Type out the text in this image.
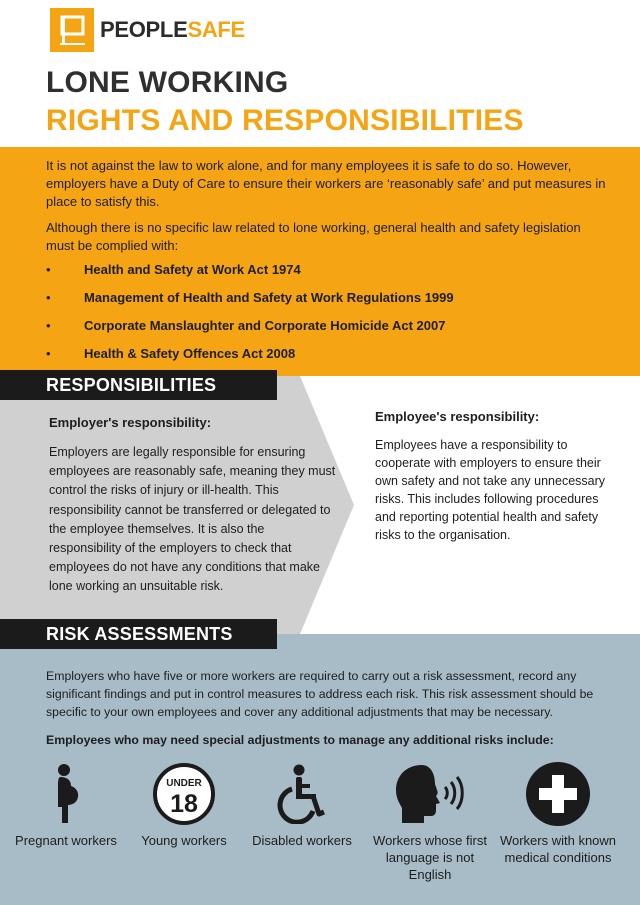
PEOPLESAFE
LONE WORKING
RIGHTS AND RESPONSIBILITIES

It is not against the law to work alone, and for many employees it is safe to do so. However, employers have a Duty of Care to ensure their workers are ‘reasonably safe’ and put measures in place to satisfy this.

Although there is no specific law related to lone working, general health and safety legislation must be complied with:

•	Health and Safety at Work Act 1974
•	Management of Health and Safety at Work Regulations 1999
•	Corporate Manslaughter and Corporate Homicide Act 2007
•	Health & Safety Offences Act 2008
RESPONSIBILITIES
Employer's responsibility:
Employers are legally responsible for ensuring employees are reasonably safe, meaning they must control the risks of injury or ill-health. This responsibility cannot be transferred or delegated to the employee themselves. It is also the responsibility of the employers to check that employees do not have any conditions that make lone working an unsuitable risk.
Employee's responsibility:
Employees have a responsibility to cooperate with employers to ensure their own safety and not take any unnecessary risks. This includes following procedures and reporting potential health and safety risks to the organisation.
RISK ASSESSMENTS
Employers who have five or more workers are required to carry out a risk assessment, record any significant findings and put in control measures to address each risk. This risk assessment should be specific to your own employees and cover any additional adjustments that may be necessary.
Employees who may need special adjustments to manage any additional risks include:
Pregnant workers
UNDER
18
Young workers	Disabled workers	Workers whose first language is not English
Workers with known medical conditions
